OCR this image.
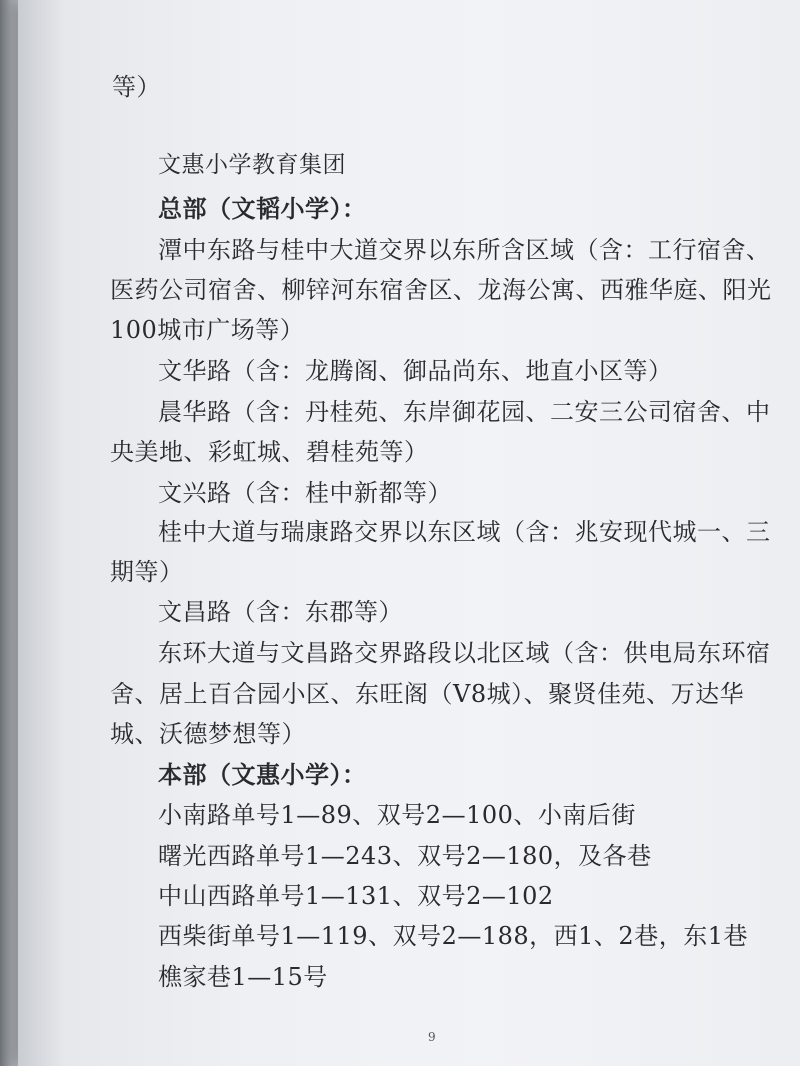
等）
文惠小学教育集团
总部（文韬小学）：
潭中东路与桂中大道交界以东所含区域（含：工行宿舍、
医药公司宿舍、柳锌河东宿舍区、龙海公寓、西雅华庭、阳光
100城市广场等）
文华路（含：龙腾阁、御品尚东、地直小区等）
晨华路（含：丹桂苑、东岸御花园、二安三公司宿舍、中
央美地、彩虹城、碧桂苑等）
文兴路（含：桂中新都等）
桂中大道与瑞康路交界以东区域（含：兆安现代城一、三
期等）
文昌路（含：东郡等）
东环大道与文昌路交界路段以北区域（含：供电局东环宿
舍、居上百合园小区、东旺阁（V8城）、聚贤佳苑、万达华
城、沃德梦想等）
本部（文惠小学）：
小南路单号1—89、双号2—100、小南后街
曙光西路单号1—243、双号2—180，及各巷
中山西路单号1—131、双号2—102
西柴街单号1—119、双号2—188，西1、2巷，东1巷
樵家巷1—15号
9
